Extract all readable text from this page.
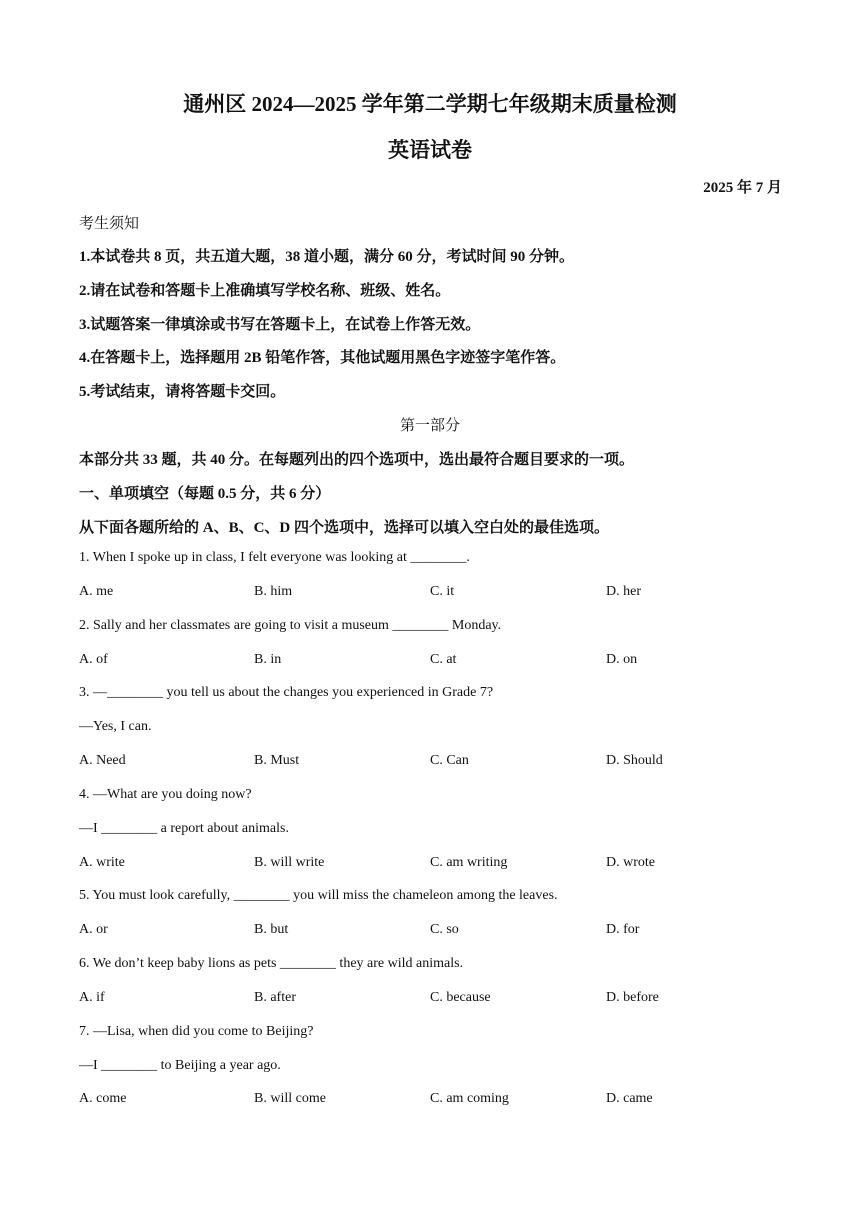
通州区 2024—2025 学年第二学期七年级期末质量检测
英语试卷
2025 年 7 月
考生须知
1.本试卷共 8 页，共五道大题，38 道小题，满分 60 分，考试时间 90 分钟。
2.请在试卷和答题卡上准确填写学校名称、班级、姓名。
3.试题答案一律填涂或书写在答题卡上，在试卷上作答无效。
4.在答题卡上，选择题用 2B 铅笔作答，其他试题用黑色字迹签字笔作答。
5.考试结束，请将答题卡交回。
第一部分
本部分共 33 题，共 40 分。在每题列出的四个选项中，选出最符合题目要求的一项。
一、单项填空（每题 0.5 分，共 6 分）
从下面各题所给的 A、B、C、D 四个选项中，选择可以填入空白处的最佳选项。
1. When I spoke up in class, I felt everyone was looking at ________.
A. me	B. him	C. it	D. her
2. Sally and her classmates are going to visit a museum ________ Monday.
A. of	B. in	C. at	D. on
3. —________ you tell us about the changes you experienced in Grade 7?
—Yes, I can.
A. Need	B. Must	C. Can	D. Should
4. —What are you doing now?
—I ________ a report about animals.
A. write	B. will write	C. am writing	D. wrote
5. You must look carefully, ________ you will miss the chameleon among the leaves.
A. or	B. but	C. so	D. for
6. We don’t keep baby lions as pets ________ they are wild animals.
A. if	B. after	C. because	D. before
7. —Lisa, when did you come to Beijing?
—I ________ to Beijing a year ago.
A. come	B. will come	C. am coming	D. came
